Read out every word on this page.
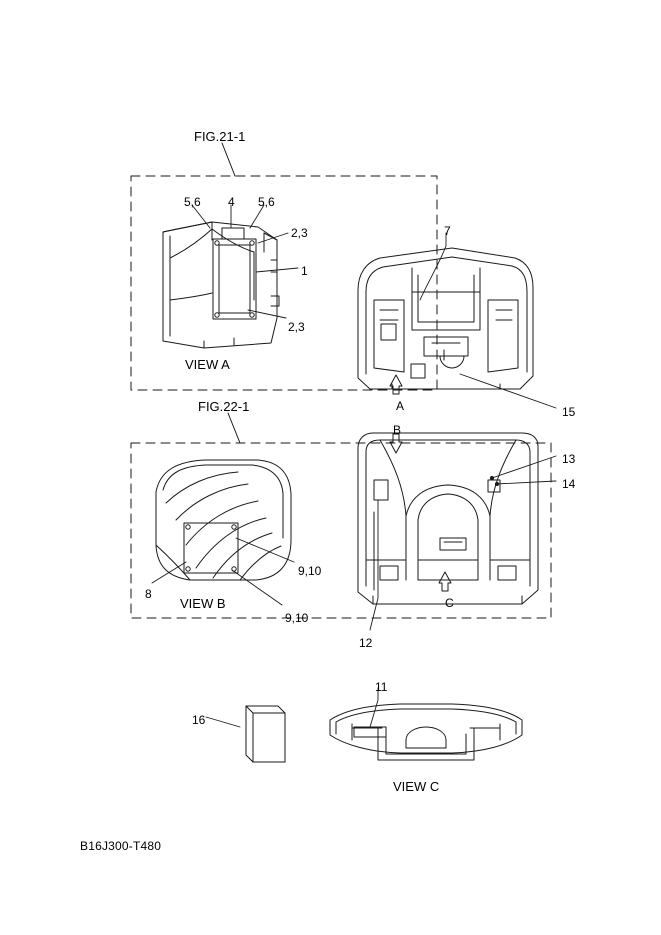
FIG.21-1
FIG.22-1
VIEW A
VIEW B
VIEW C
A
B
C
5,6 4 5,6
2,3
1
2,3
7
15
13
14
8
9,10
9,10
12
11
16
B16J300-T480
